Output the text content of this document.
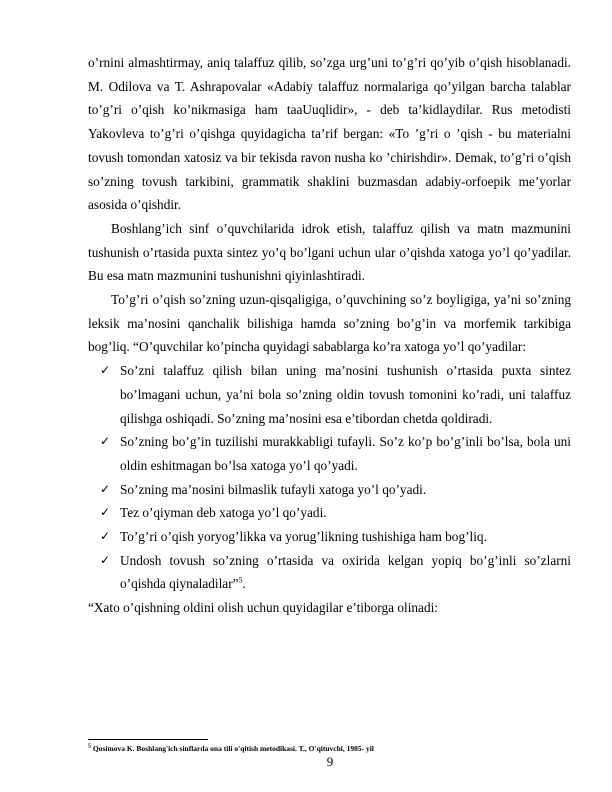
o’rnini almashtirmay, aniq talaffuz qilib, so’zga urg’uni to’g’ri qo’yib o’qish hisoblanadi. M. Odilova va T. Ashrapovalar «Adabiy talaffuz normalariga qo’yilgan barcha talablar to’g’ri o’qish ko’nikmasiga ham taaUuqlidir», - deb ta’kidlaydilar. Rus metodisti Yakovleva to’g’ri o’qishga quyidagicha ta’rif bergan: «To ’g’ri o ’qish - bu materialni tovush tomondan xatosiz va bir tekisda ravon nusha ko ’chirishdir». Demak, to’g’ri o’qish so’zning tovush tarkibini, grammatik shaklini buzmasdan adabiy-orfoepik me’yorlar asosida o’qishdir.

Boshlang’ich sinf o’quvchilarida idrok etish, talaffuz qilish va matn mazmunini tushunish o’rtasida puxta sintez yo’q bo’lgani uchun ular o’qishda xatoga yo’l qo’yadilar. Bu esa matn mazmunini tushunishni qiyinlashtiradi.

To’g’ri o’qish so’zning uzun-qisqaligiga, o’quvchining so’z boyligiga, ya’ni so’zning leksik ma’nosini qanchalik bilishiga hamda so’zning bo’g’in va morfemik tarkibiga bog’liq. “O’quvchilar ko’pincha quyidagi sabablarga ko’ra xatoga yo’l qo’yadilar:

✓ So’zni talaffuz qilish bilan uning ma’nosini tushunish o’rtasida puxta sintez bo’lmagani uchun, ya’ni bola so’zning oldin tovush tomonini ko’radi, uni talaffuz qilishga oshiqadi. So’zning ma’nosini esa e’tibordan chetda qoldiradi.
✓ So’zning bo’g’in tuzilishi murakkabligi tufayli. So’z ko’p bo’g’inli bo’lsa, bola uni oldin eshitmagan bo’lsa xatoga yo’l qo’yadi.
✓ So’zning ma’nosini bilmaslik tufayli xatoga yo’l qo’yadi.
✓ Tez o’qiyman deb xatoga yo’l qo’yadi.
✓ To’g’ri o’qish yoryog’likka va yorug’likning tushishiga ham bog’liq.
✓ Undosh tovush so’zning o’rtasida va oxirida kelgan yopiq bo’g’inli so’zlarni o’qishda qiynaladilar”$^5$.

“Xato o’qishning oldini olish uchun quyidagilar e’tiborga olinadi:

$^5$ Qosimova K. Boshlang'ich sinflarda ona tili o'qitish metodikasi. T., O'qituvchi, 1985- yil
9
